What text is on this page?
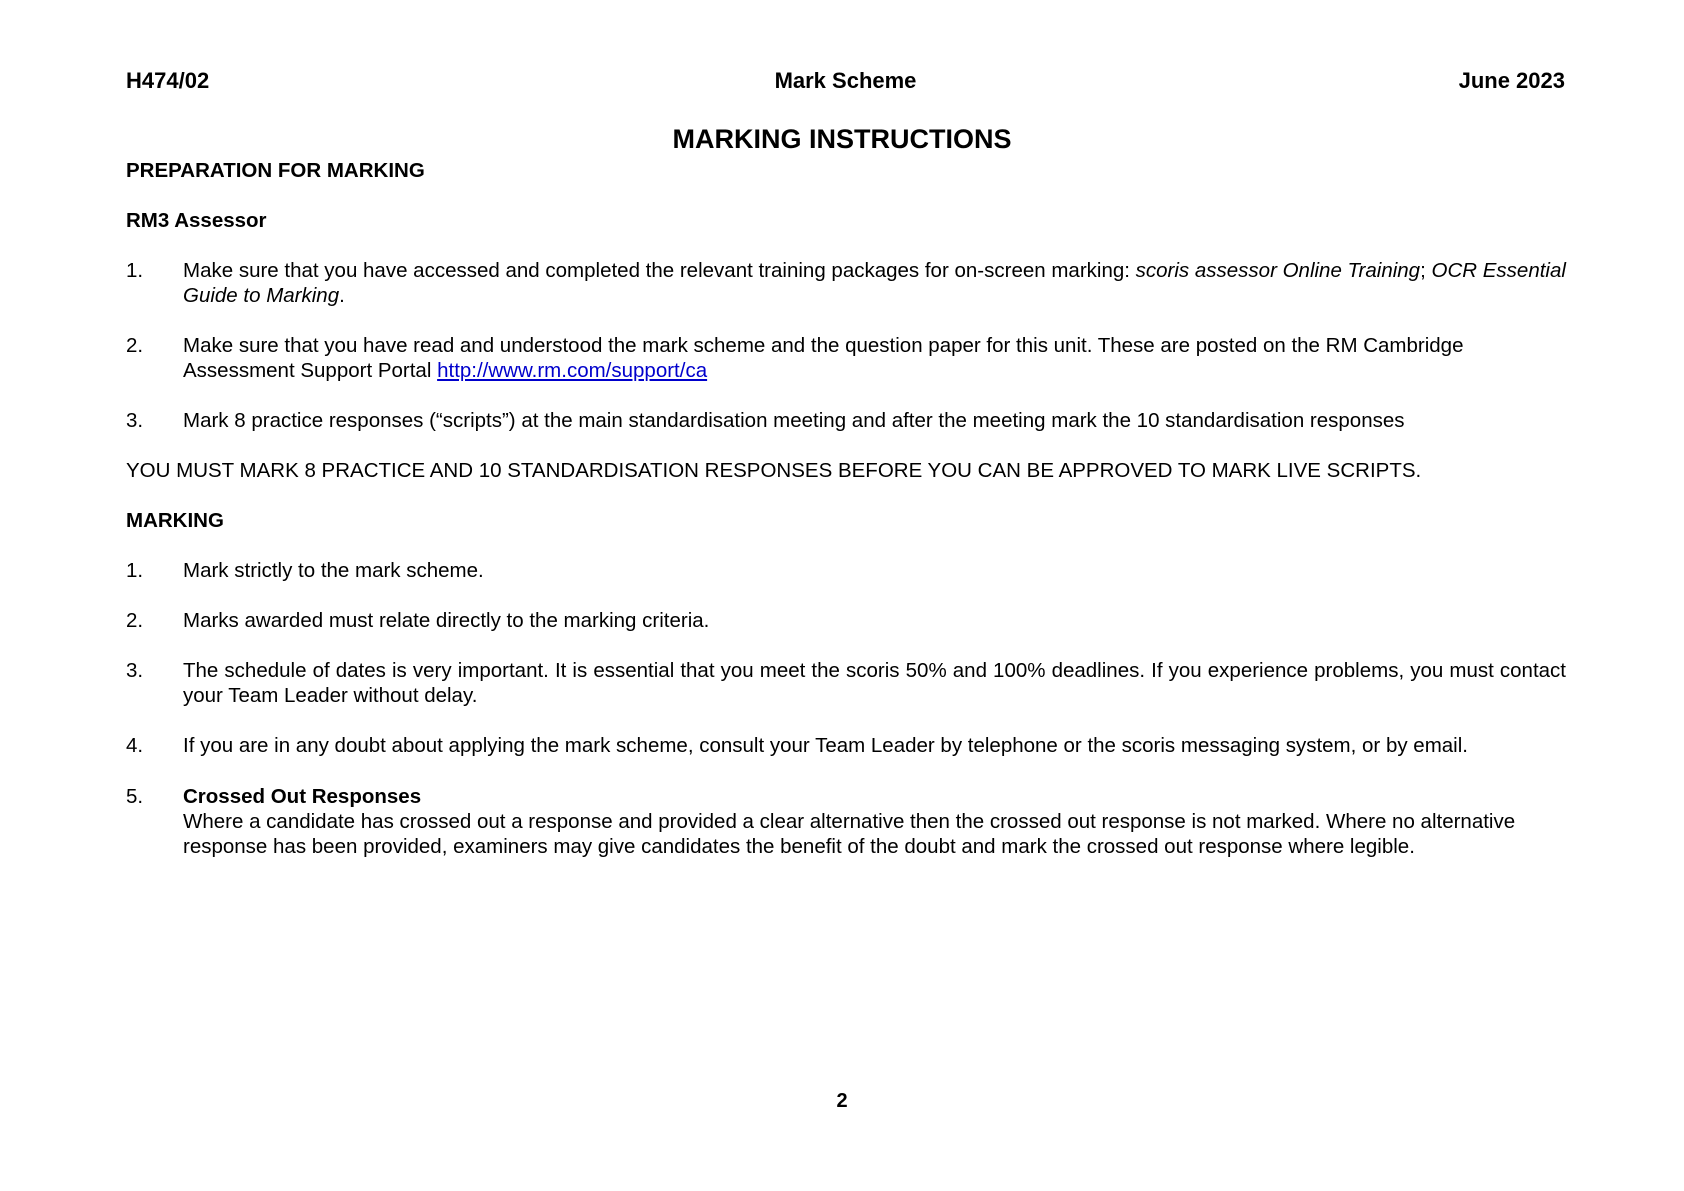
H474/02	Mark Scheme	June 2023
MARKING INSTRUCTIONS

PREPARATION FOR MARKING

RM3 Assessor

1. Make sure that you have accessed and completed the relevant training packages for on-screen marking: scoris assessor Online Training; OCR Essential Guide to Marking.
2. Make sure that you have read and understood the mark scheme and the question paper for this unit. These are posted on the RM Cambridge Assessment Support Portal http://www.rm.com/support/ca
3. Mark 8 practice responses (“scripts”) at the main standardisation meeting and after the meeting mark the 10 standardisation responses

YOU MUST MARK 8 PRACTICE AND 10 STANDARDISATION RESPONSES BEFORE YOU CAN BE APPROVED TO MARK LIVE SCRIPTS.

MARKING

1. Mark strictly to the mark scheme.
2. Marks awarded must relate directly to the marking criteria.
3. The schedule of dates is very important. It is essential that you meet the scoris 50% and 100% deadlines. If you experience problems, you must contact your Team Leader without delay.
4. If you are in any doubt about applying the mark scheme, consult your Team Leader by telephone or the scoris messaging system, or by email.
5. Crossed Out Responses
Where a candidate has crossed out a response and provided a clear alternative then the crossed out response is not marked. Where no alternative response has been provided, examiners may give candidates the benefit of the doubt and mark the crossed out response where legible.
2
